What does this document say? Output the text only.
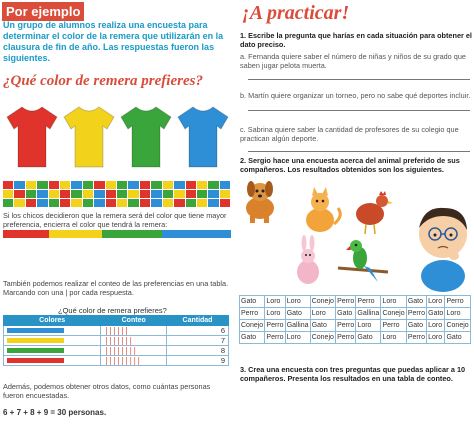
Por ejemplo
Un grupo de alumnos realiza una encuesta para determinar el color de la remera que utilizarán en la clausura de fin de año. Las respuestas fueron las siguientes.
¿Qué color de remera prefieres?
Si los chicos decidieron que la remera será del color que tiene mayor preferencia, encierra el color que tendrá la remera:
También podemos realizar el conteo de las preferencias en una tabla. Marcando con una | por cada respuesta.
¿Qué color de remera prefieres?
Colores	Conteo	Cantidad

	||||||	6

	|||||||	7

	||||||||	8

	|||||||||	9
Además, podemos obtener otros datos, como cuántas personas fueron encuestadas.
6 + 7 + 8 + 9 = 30 personas.
¡A practicar!
1. Escribe la pregunta que harías en cada situación para obtener el dato preciso.
a. Fernanda quiere saber el número de niñas y niños de su grado que saben jugar pelota muerta.
b. Martín quiere organizar un torneo, pero no sabe qué deportes incluir.
c. Sabrina quiere saber la cantidad de profesores de su colegio que practican algún deporte.
2. Sergio hace una encuesta acerca del animal preferido de sus compañeros. Los resultados obtenidos son los siguientes.
Gato	Loro	Loro	Conejo	Perro	Perro	Loro	Gato	Loro	Perro
Perro	Loro	Gato	Loro	Gato	Gallina	Conejo	Perro	Gato	Loro
Conejo	Perro	Gallina	Gato	Perro	Loro	Perro	Gato	Loro	Conejo
Gato	Perro	Loro	Conejo	Perro	Gato	Loro	Perro	Loro	Gato
3. Crea una encuesta con tres preguntas que puedas aplicar a 10 compañeros. Presenta los resultados en una tabla de conteo.
